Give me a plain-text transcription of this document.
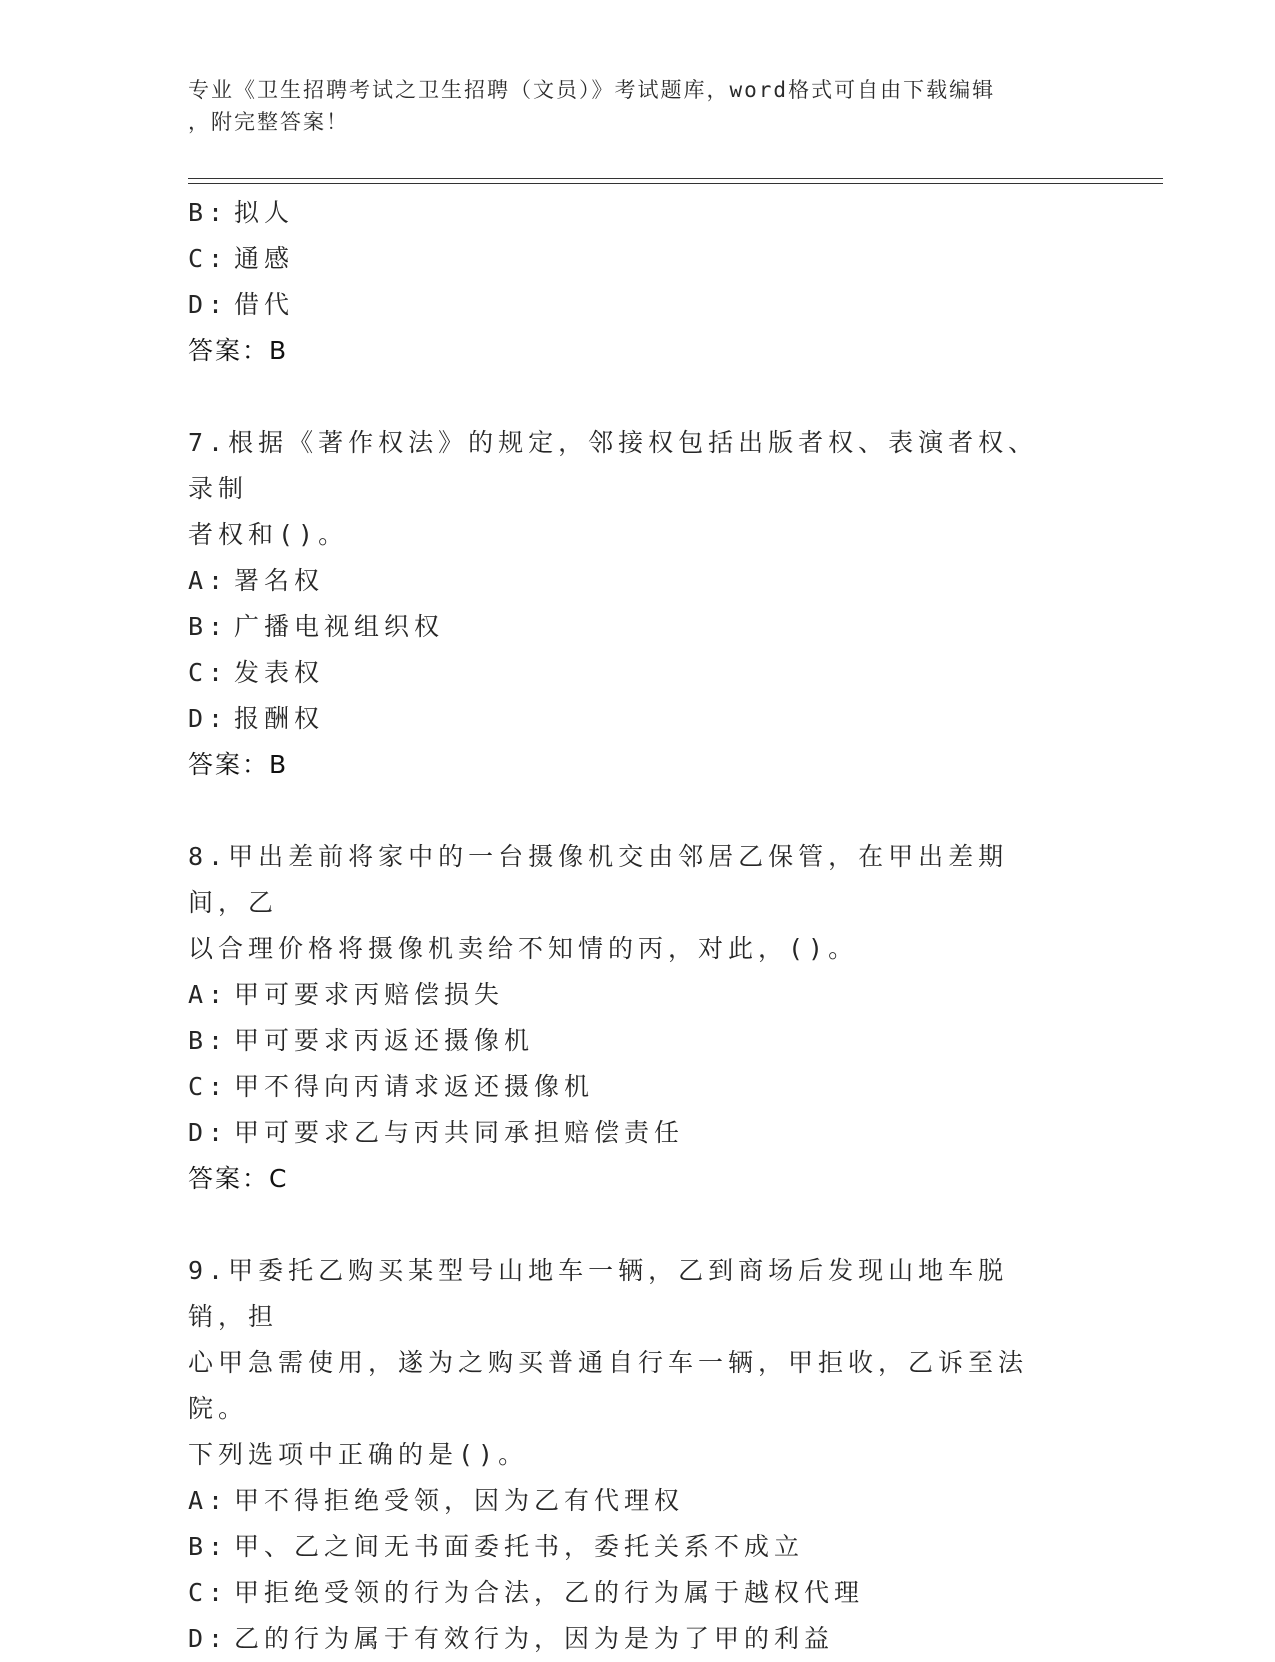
专业《卫生招聘考试之卫生招聘（文员）》考试题库，word格式可自由下载编辑
，附完整答案！
B: 拟人
C: 通感
D: 借代
答案：B
7.根据《著作权法》的规定，邻接权包括出版者权、表演者权、录制
者权和()。
A: 署名权
B: 广播电视组织权
C: 发表权
D: 报酬权
答案：B
8.甲出差前将家中的一台摄像机交由邻居乙保管，在甲出差期间，乙
以合理价格将摄像机卖给不知情的丙，对此，()。
A: 甲可要求丙赔偿损失
B: 甲可要求丙返还摄像机
C: 甲不得向丙请求返还摄像机
D: 甲可要求乙与丙共同承担赔偿责任
答案：C
9.甲委托乙购买某型号山地车一辆，乙到商场后发现山地车脱销，担
心甲急需使用，遂为之购买普通自行车一辆，甲拒收，乙诉至法院。
下列选项中正确的是()。
A: 甲不得拒绝受领，因为乙有代理权
B: 甲、乙之间无书面委托书，委托关系不成立
C: 甲拒绝受领的行为合法，乙的行为属于越权代理
D: 乙的行为属于有效行为，因为是为了甲的利益
